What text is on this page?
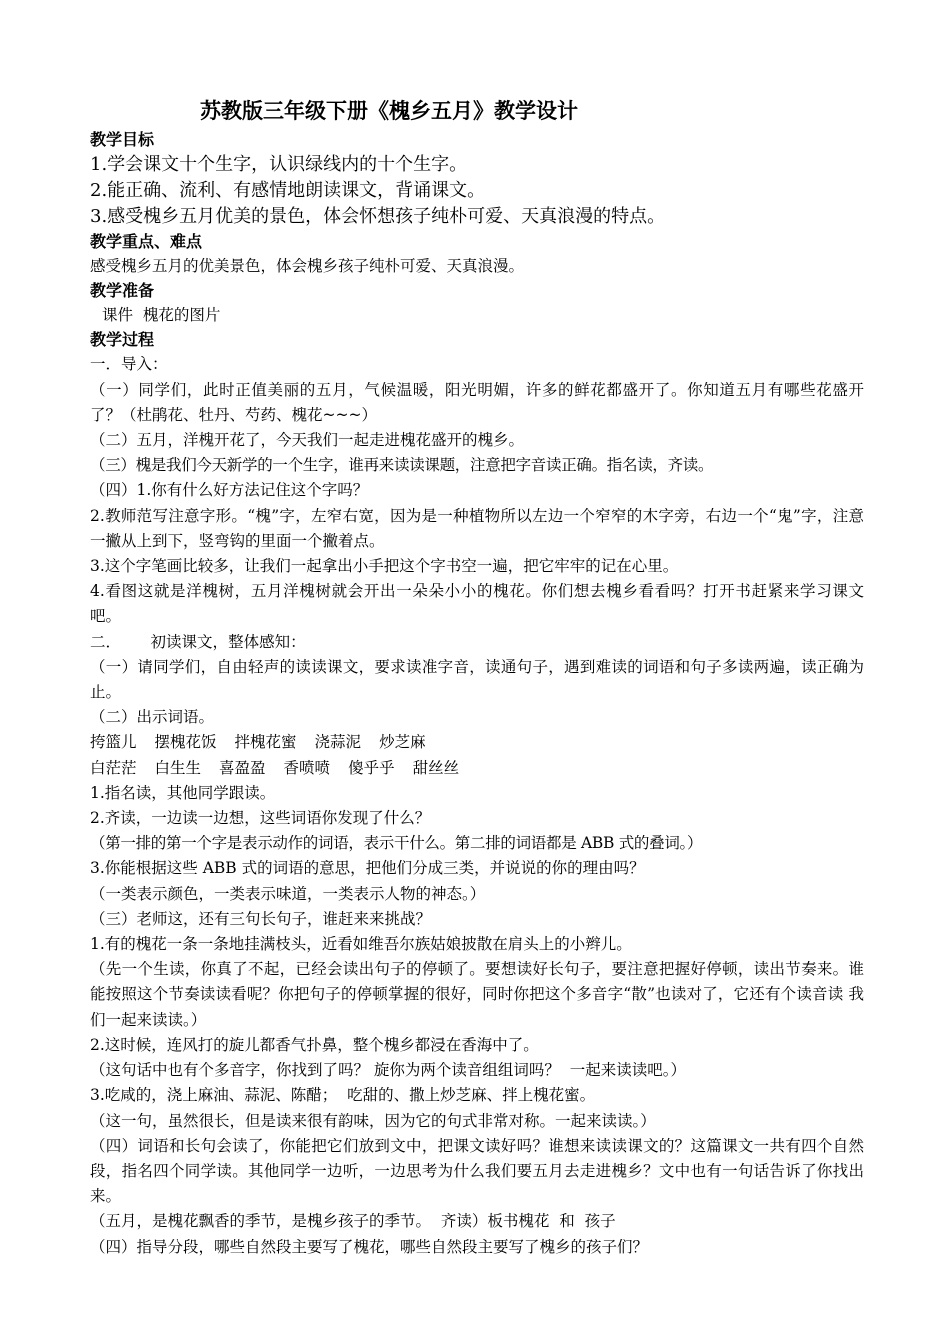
苏教版三年级下册《槐乡五月》教学设计
教学目标
1.学会课文十个生字，认识绿线内的十个生字。
2.能正确、流利、有感情地朗读课文，背诵课文。
3.感受槐乡五月优美的景色，体会怀想孩子纯朴可爱、天真浪漫的特点。
教学重点、难点
感受槐乡五月的优美景色，体会槐乡孩子纯朴可爱、天真浪漫。
教学准备
课件  槐花的图片
教学过程
一．导入：
（一）同学们，此时正值美丽的五月，气候温暖，阳光明媚，许多的鲜花都盛开了。你知道五月有哪些花盛开了？（杜鹃花、牡丹、芍药、槐花~~~）
（二）五月，洋槐开花了，今天我们一起走进槐花盛开的槐乡。
（三）槐是我们今天新学的一个生字，谁再来读读课题，注意把字音读正确。指名读，齐读。
（四）1.你有什么好方法记住这个字吗？
2.教师范写注意字形。“槐”字，左窄右宽，因为是一种植物所以左边一个窄窄的木字旁，右边一个“鬼”字，注意一撇从上到下，竖弯钩的里面一个撇着点。
3.这个字笔画比较多，让我们一起拿出小手把这个字书空一遍，把它牢牢的记在心里。
4.看图这就是洋槐树，五月洋槐树就会开出一朵朵小小的槐花。你们想去槐乡看看吗？打开书赶紧来学习课文吧。
二．      初读课文，整体感知：
（一）请同学们，自由轻声的读读课文，要求读准字音，读通句子，遇到难读的词语和句子多读两遍，读正确为止。
（二）出示词语。
挎篮儿 摆槐花饭 拌槐花蜜 浇蒜泥 炒芝麻
白茫茫 白生生 喜盈盈 香喷喷 傻乎乎 甜丝丝
1.指名读，其他同学跟读。
2.齐读，一边读一边想，这些词语你发现了什么？
（第一排的第一个字是表示动作的词语，表示干什么。第二排的词语都是 ABB 式的叠词。）
3.你能根据这些 ABB 式的词语的意思，把他们分成三类，并说说的你的理由吗？
（一类表示颜色，一类表示味道，一类表示人物的神态。）
（三）老师这，还有三句长句子，谁赶来来挑战？
1.有的槐花一条一条地挂满枝头，近看如维吾尔族姑娘披散在肩头上的小辫儿。
（先一个生读，你真了不起，已经会读出句子的停顿了。要想读好长句子，要注意把握好停顿，读出节奏来。谁能按照这个节奏读读看呢？你把句子的停顿掌握的很好，同时你把这个多音字“散”也读对了，它还有个读音读 我们一起来读读。）
2.这时候，连风打的旋儿都香气扑鼻，整个槐乡都浸在香海中了。
（这句话中也有个多音字，你找到了吗？ 旋你为两个读音组组词吗？  一起来读读吧。）
3.吃咸的，浇上麻油、蒜泥、陈醋；  吃甜的、撒上炒芝麻、拌上槐花蜜。
（这一句，虽然很长，但是读来很有韵味，因为它的句式非常对称。一起来读读。）
（四）词语和长句会读了，你能把它们放到文中，把课文读好吗？谁想来读读课文的？这篇课文一共有四个自然段，指名四个同学读。其他同学一边听，一边思考为什么我们要五月去走进槐乡？文中也有一句话告诉了你找出来。
（五月，是槐花飘香的季节，是槐乡孩子的季节。  齐读）板书槐花  和  孩子
（四）指导分段，哪些自然段主要写了槐花，哪些自然段主要写了槐乡的孩子们？
